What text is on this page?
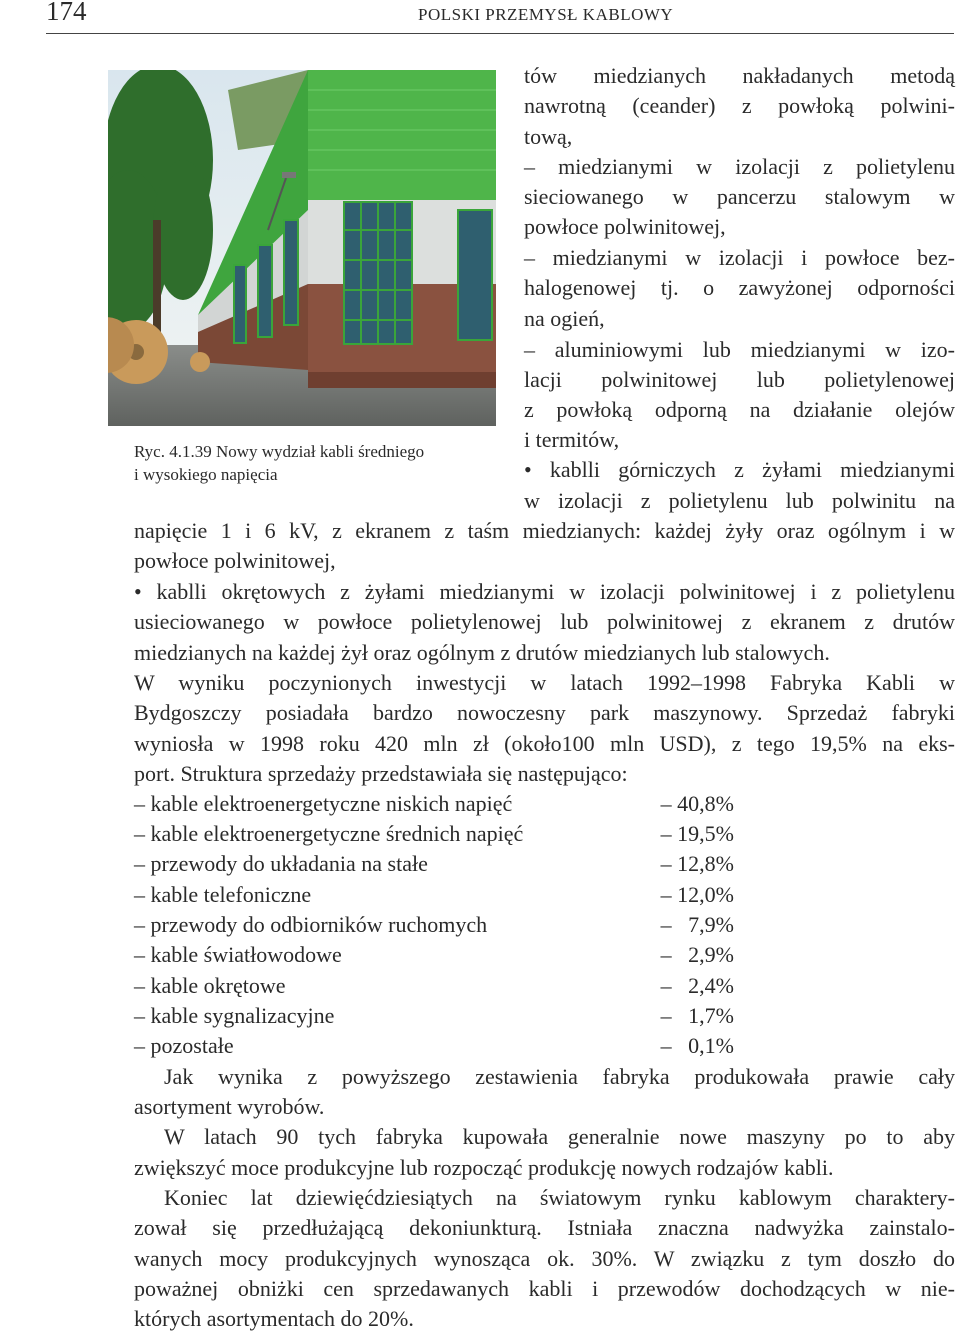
174	POLSKI PRZEMYSŁ KABLOWY
Ryc. 4.1.39 Nowy wydział kabli średniego
i wysokiego napięcia
tów miedzianych nakładanych metodą
nawrotną (ceander) z powłoką polwini-
tową,
– miedzianymi w izolacji z polietylenu
sieciowanego w pancerzu stalowym w
powłoce polwinitowej,
– miedzianymi w izolacji i powłoce bez-
halogenowej tj. o zawyżonej odporności
na ogień,
– aluminiowymi lub miedzianymi w izo-
lacji polwinitowej lub polietylenowej
z powłoką odporną na działanie olejów
i termitów,
• kablli górniczych z żyłami miedzianymi
w izolacji z polietylenu lub polwinitu na
napięcie 1 i 6 kV, z ekranem z taśm miedzianych: każdej żyły oraz ogólnym i w
powłoce polwinitowej,
• kablli okrętowych z żyłami miedzianymi w izolacji polwinitowej i z polietylenu
usieciowanego w powłoce polietylenowej lub polwinitowej z ekranem z drutów
miedzianych na każdej żył oraz ogólnym z drutów miedzianych lub stalowych.
W wyniku poczynionych inwestycji w latach 1992–1998 Fabryka Kabli w
Bydgoszczy posiadała bardzo nowoczesny park maszynowy. Sprzedaż fabryki
wyniosła w 1998 roku 420 mln zł (około100 mln USD), z tego 19,5% na eks-
port. Struktura sprzedaży przedstawiała się następująco:
– kable elektroenergetyczne niskich napięć	– 40,8%
– kable elektroenergetyczne średnich napięć	– 19,5%
– przewody do układania na stałe	– 12,8%
– kable telefoniczne	– 12,0%
– przewody do odbiorników ruchomych	–   7,9%
– kable światłowodowe	–   2,9%
– kable okrętowe	–   2,4%
– kable sygnalizacyjne	–   1,7%
– pozostałe	–   0,1%
Jak wynika z powyższego zestawienia fabryka produkowała prawie cały
asortyment wyrobów.
W latach 90 tych fabryka kupowała generalnie nowe maszyny po to aby
zwiększyć moce produkcyjne lub rozpocząć produkcję nowych rodzajów kabli.
Koniec lat dziewięćdziesiątych na światowym rynku kablowym charaktery-
zował się przedłużającą dekoniunkturą. Istniała znaczna nadwyżka zainstalo-
wanych mocy produkcyjnych wynosząca ok. 30%. W związku z tym doszło do
poważnej obniżki cen sprzedawanych kabli i przewodów dochodzących w nie-
których asortymentach do 20%.
